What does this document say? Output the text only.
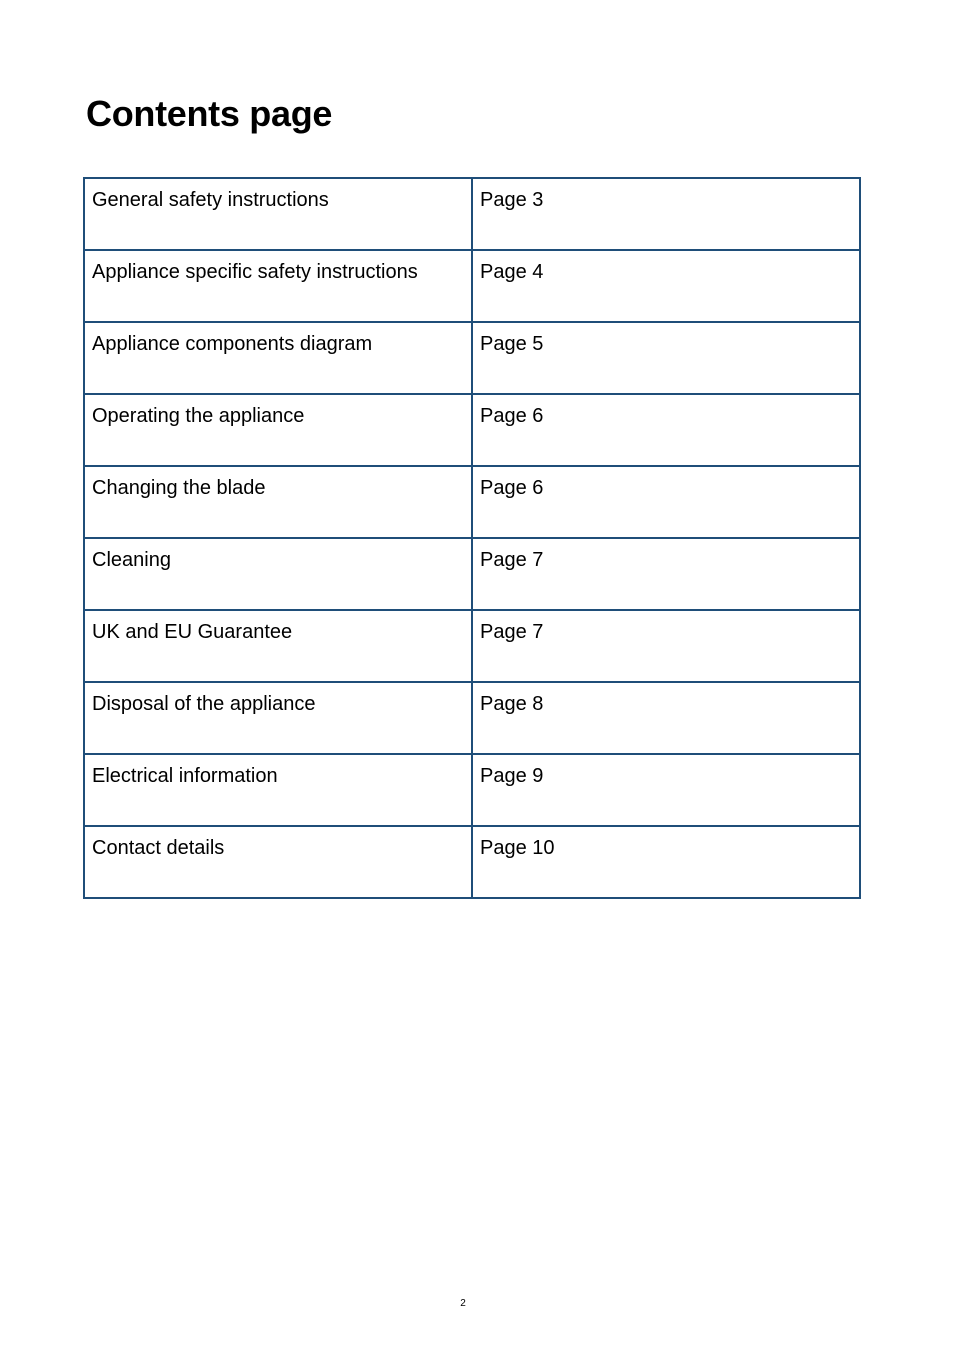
Contents page
General safety instructions	Page 3
Appliance specific safety instructions	Page 4
Appliance components diagram	Page 5
Operating the appliance	Page 6
Changing the blade	Page 6
Cleaning	Page 7
UK and EU Guarantee	Page 7
Disposal of the appliance	Page 8
Electrical information	Page 9
Contact details	Page 10
2
